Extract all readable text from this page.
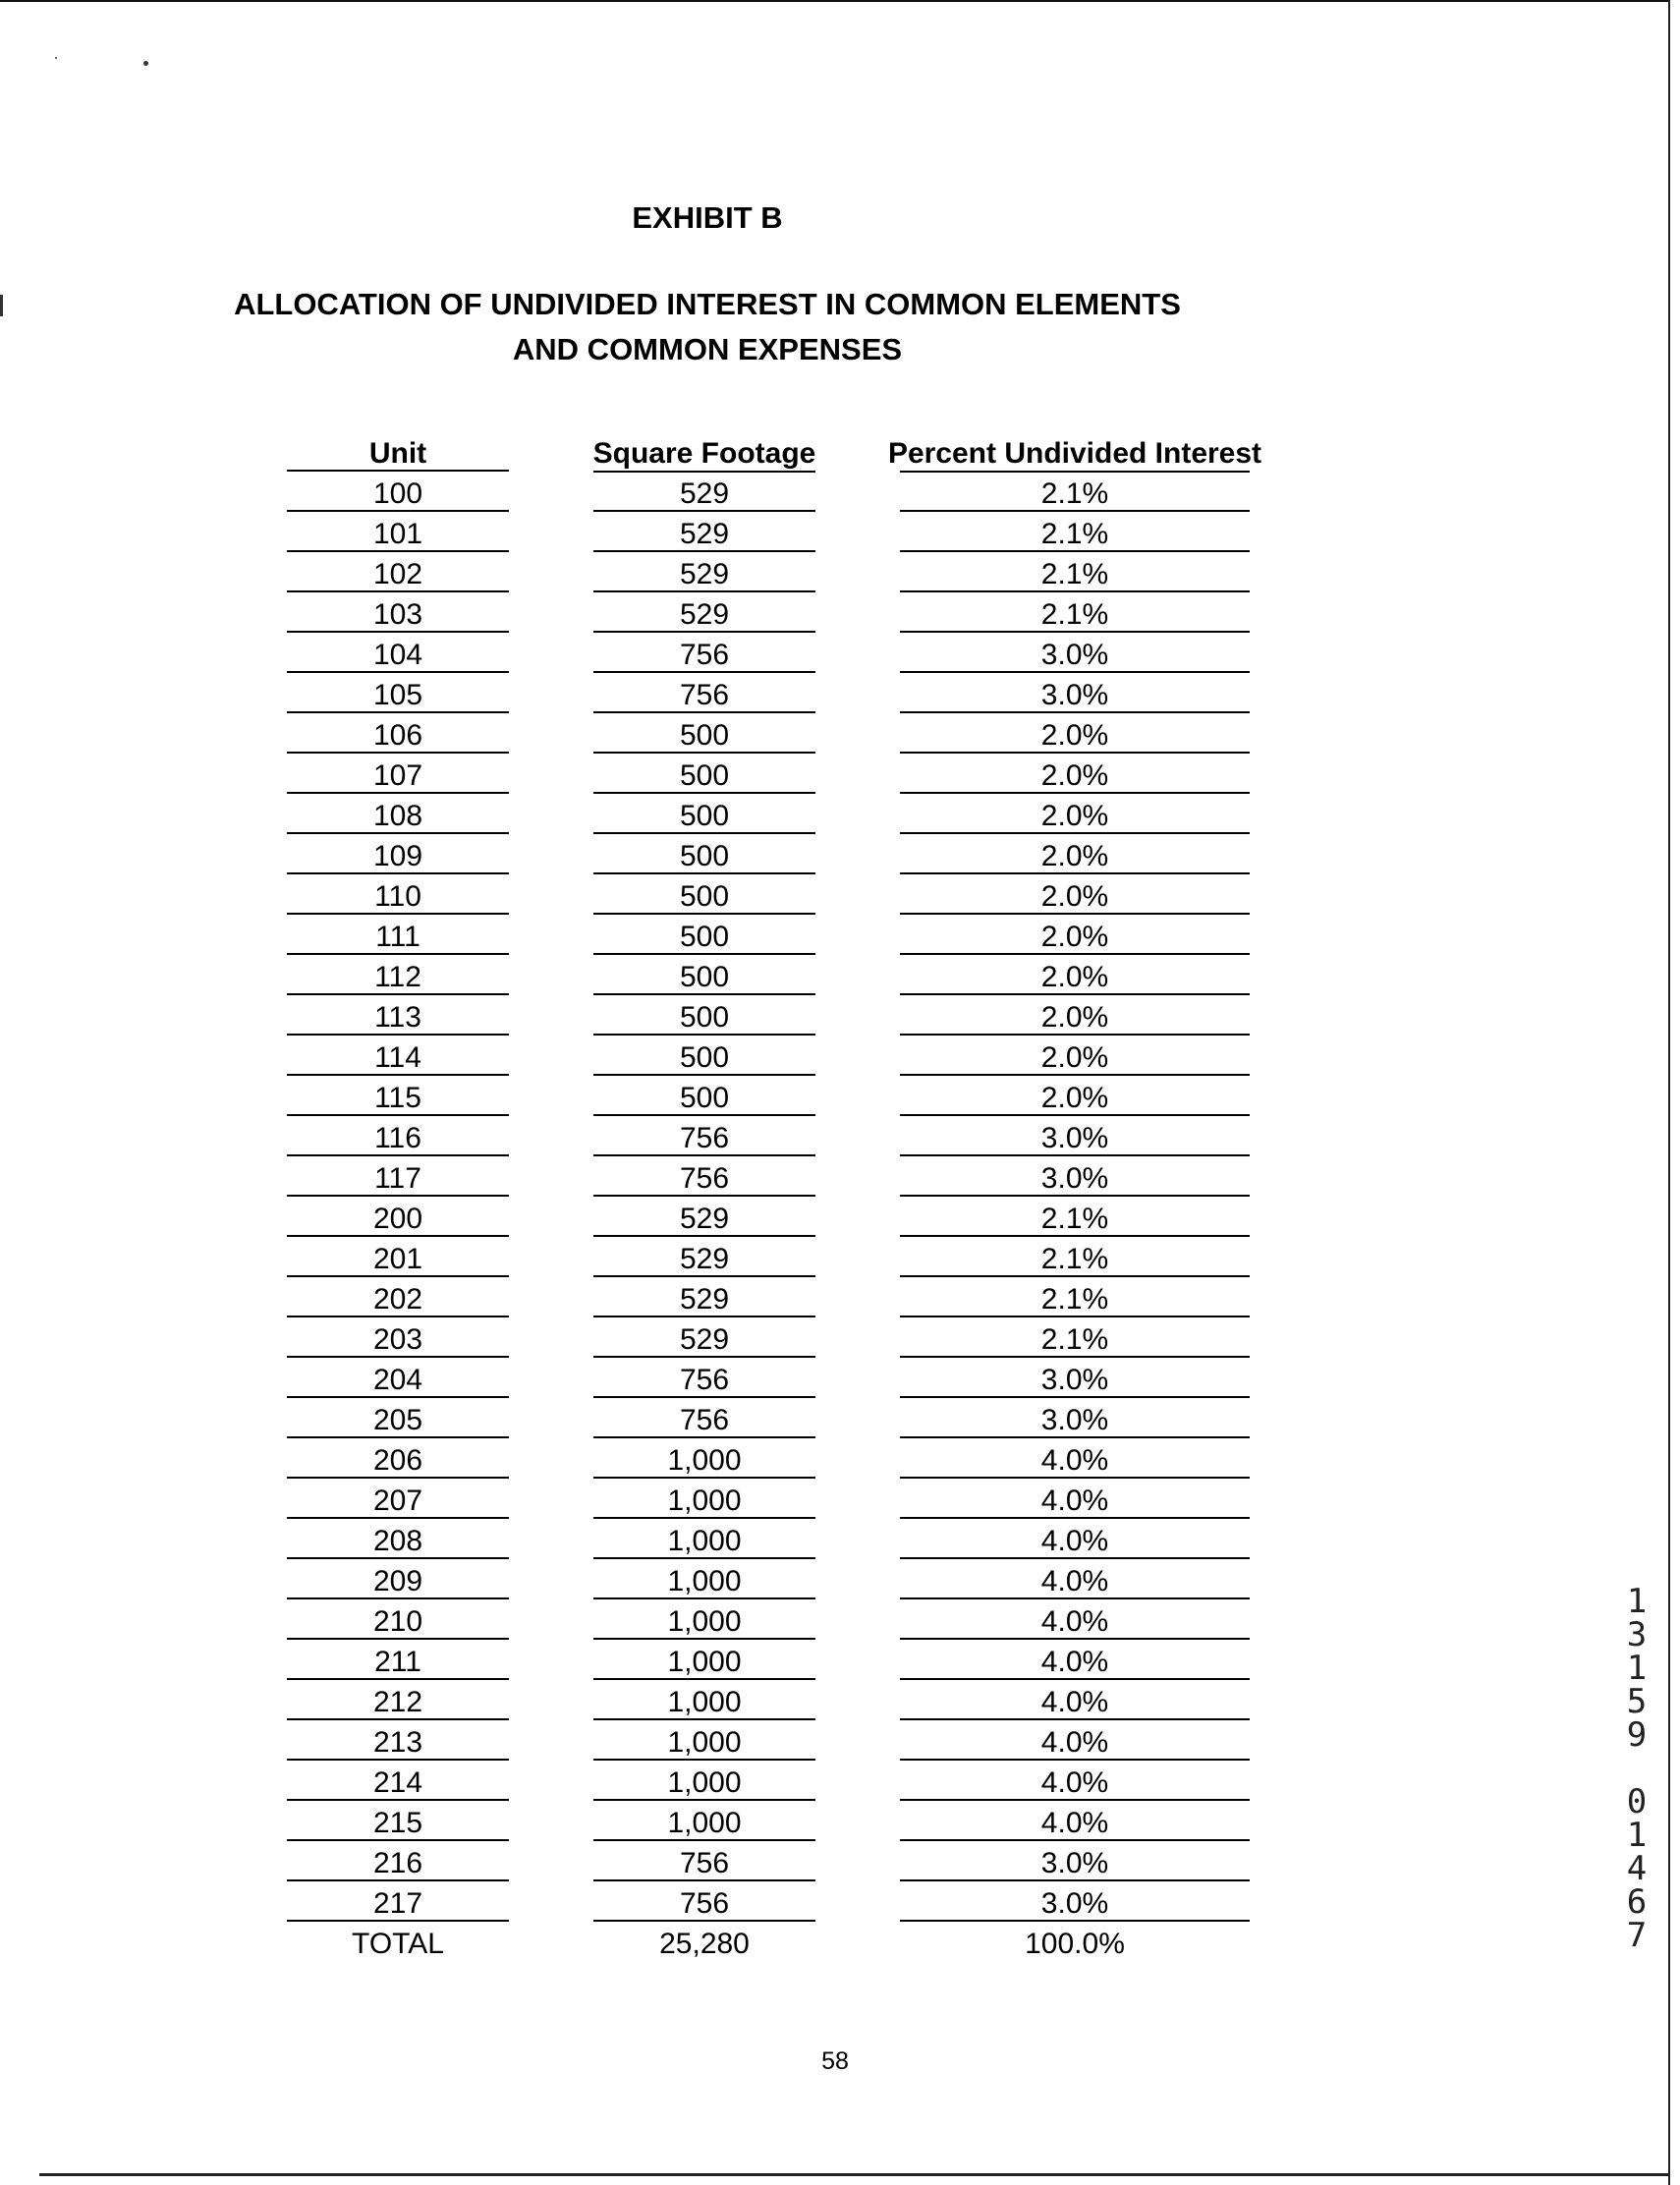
EXHIBIT B
ALLOCATION OF UNDIVIDED INTEREST IN COMMON ELEMENTS
AND COMMON EXPENSES
Unit	Square Footage	Percent Undivided Interest
100	529	2.1%
101	529	2.1%
102	529	2.1%
103	529	2.1%
104	756	3.0%
105	756	3.0%
106	500	2.0%
107	500	2.0%
108	500	2.0%
109	500	2.0%
110	500	2.0%
111	500	2.0%
112	500	2.0%
113	500	2.0%
114	500	2.0%
115	500	2.0%
116	756	3.0%
117	756	3.0%
200	529	2.1%
201	529	2.1%
202	529	2.1%
203	529	2.1%
204	756	3.0%
205	756	3.0%
206	1,000	4.0%
207	1,000	4.0%
208	1,000	4.0%
209	1,000	4.0%
210	1,000	4.0%
211	1,000	4.0%
212	1,000	4.0%
213	1,000	4.0%
214	1,000	4.0%
215	1,000	4.0%
216	756	3.0%
217	756	3.0%
TOTAL	25,280	100.0%
58
13159 01467
